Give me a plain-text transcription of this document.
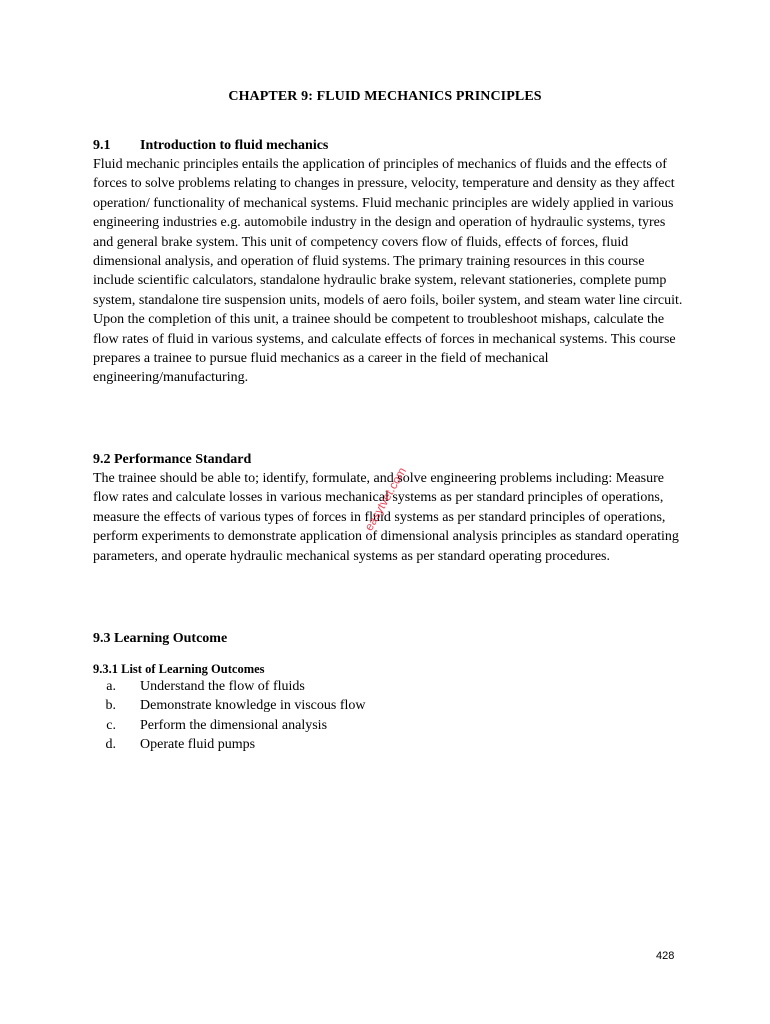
CHAPTER 9: FLUID MECHANICS PRINCIPLES
9.1 Introduction to fluid mechanics

Fluid mechanic principles entails the application of principles of mechanics of fluids and the effects of forces to solve problems relating to changes in pressure, velocity, temperature and density as they affect operation/ functionality of mechanical systems. Fluid mechanic principles are widely applied in various engineering industries e.g. automobile industry in the design and operation of hydraulic systems, tyres and general brake system. This unit of competency covers flow of fluids, effects of forces, fluid dimensional analysis, and operation of fluid systems. The primary training resources in this course include scientific calculators, standalone hydraulic brake system, relevant stationeries, complete pump system, standalone tire suspension units, models of aero foils, boiler system, and steam water line circuit. Upon the completion of this unit, a trainee should be competent to troubleshoot mishaps, calculate the flow rates of fluid in various systems, and calculate effects of forces in mechanical systems. This course prepares a trainee to pursue fluid mechanics as a career in the field of mechanical engineering/manufacturing.

9.2 Performance Standard

The trainee should be able to; identify, formulate, and solve engineering problems including: Measure flow rates and calculate losses in various mechanical systems as per standard principles of operations, measure the effects of various types of forces in fluid systems as per standard principles of operations, perform experiments to demonstrate application of dimensional analysis principles as standard operating parameters, and operate hydraulic mechanical systems as per standard operating procedures.

9.3 Learning Outcome
9.3.1 List of Learning Outcomes
a. Understand the flow of fluids
b. Demonstrate knowledge in viscous flow
c. Perform the dimensional analysis
d. Operate fluid pumps
easytvet.com
428
